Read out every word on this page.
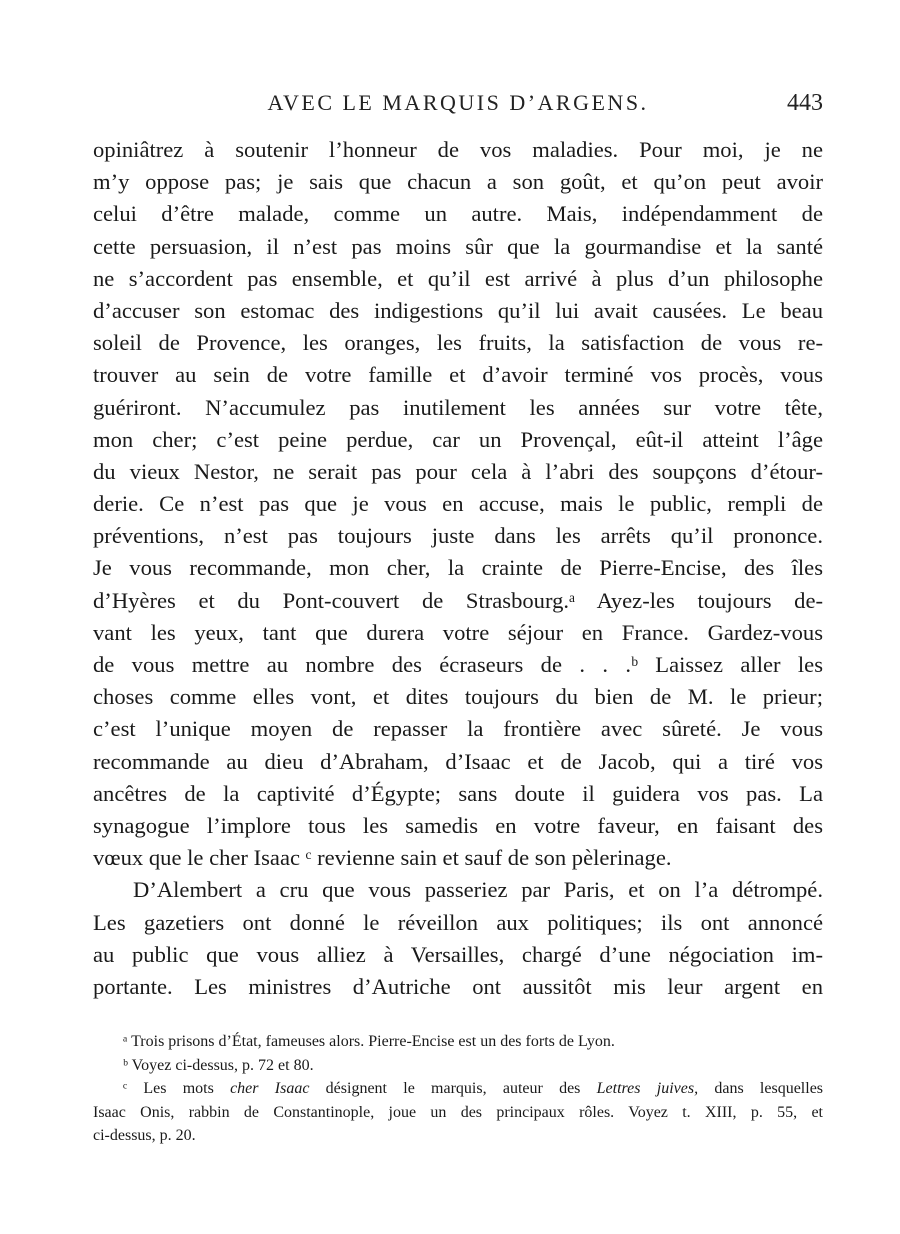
AVEC LE MARQUIS D’ARGENS.	443
opiniâtrez à soutenir l’honneur de vos maladies. Pour moi, je ne
m’y oppose pas; je sais que chacun a son goût, et qu’on peut avoir
celui d’être malade, comme un autre. Mais, indépendamment de
cette persuasion, il n’est pas moins sûr que la gourmandise et la santé
ne s’accordent pas ensemble, et qu’il est arrivé à plus d’un philosophe
d’accuser son estomac des indigestions qu’il lui avait causées. Le beau
soleil de Provence, les oranges, les fruits, la satisfaction de vous re-
trouver au sein de votre famille et d’avoir terminé vos procès, vous
guériront. N’accumulez pas inutilement les années sur votre tête,
mon cher; c’est peine perdue, car un Provençal, eût-il atteint l’âge
du vieux Nestor, ne serait pas pour cela à l’abri des soupçons d’étour-
derie. Ce n’est pas que je vous en accuse, mais le public, rempli de
préventions, n’est pas toujours juste dans les arrêts qu’il prononce.
Je vous recommande, mon cher, la crainte de Pierre-Encise, des îles
d’Hyères et du Pont-couvert de Strasbourg.ᵃ Ayez-les toujours de-
vant les yeux, tant que durera votre séjour en France. Gardez-vous
de vous mettre au nombre des écraseurs de . . .ᵇ Laissez aller les
choses comme elles vont, et dites toujours du bien de M. le prieur;
c’est l’unique moyen de repasser la frontière avec sûreté. Je vous
recommande au dieu d’Abraham, d’Isaac et de Jacob, qui a tiré vos
ancêtres de la captivité d’Égypte; sans doute il guidera vos pas. La
synagogue l’implore tous les samedis en votre faveur, en faisant des
vœux que le cher Isaac ᶜ revienne sain et sauf de son pèlerinage.
D’Alembert a cru que vous passeriez par Paris, et on l’a détrompé.
Les gazetiers ont donné le réveillon aux politiques; ils ont annoncé
au public que vous alliez à Versailles, chargé d’une négociation im-
portante. Les ministres d’Autriche ont aussitôt mis leur argent en
ᵃ Trois prisons d’État, fameuses alors. Pierre-Encise est un des forts de Lyon.
ᵇ Voyez ci-dessus, p. 72 et 80.
ᶜ Les mots cher Isaac désignent le marquis, auteur des Lettres juives, dans lesquelles
Isaac Onis, rabbin de Constantinople, joue un des principaux rôles. Voyez t. XIII, p. 55, et
ci-dessus, p. 20.
